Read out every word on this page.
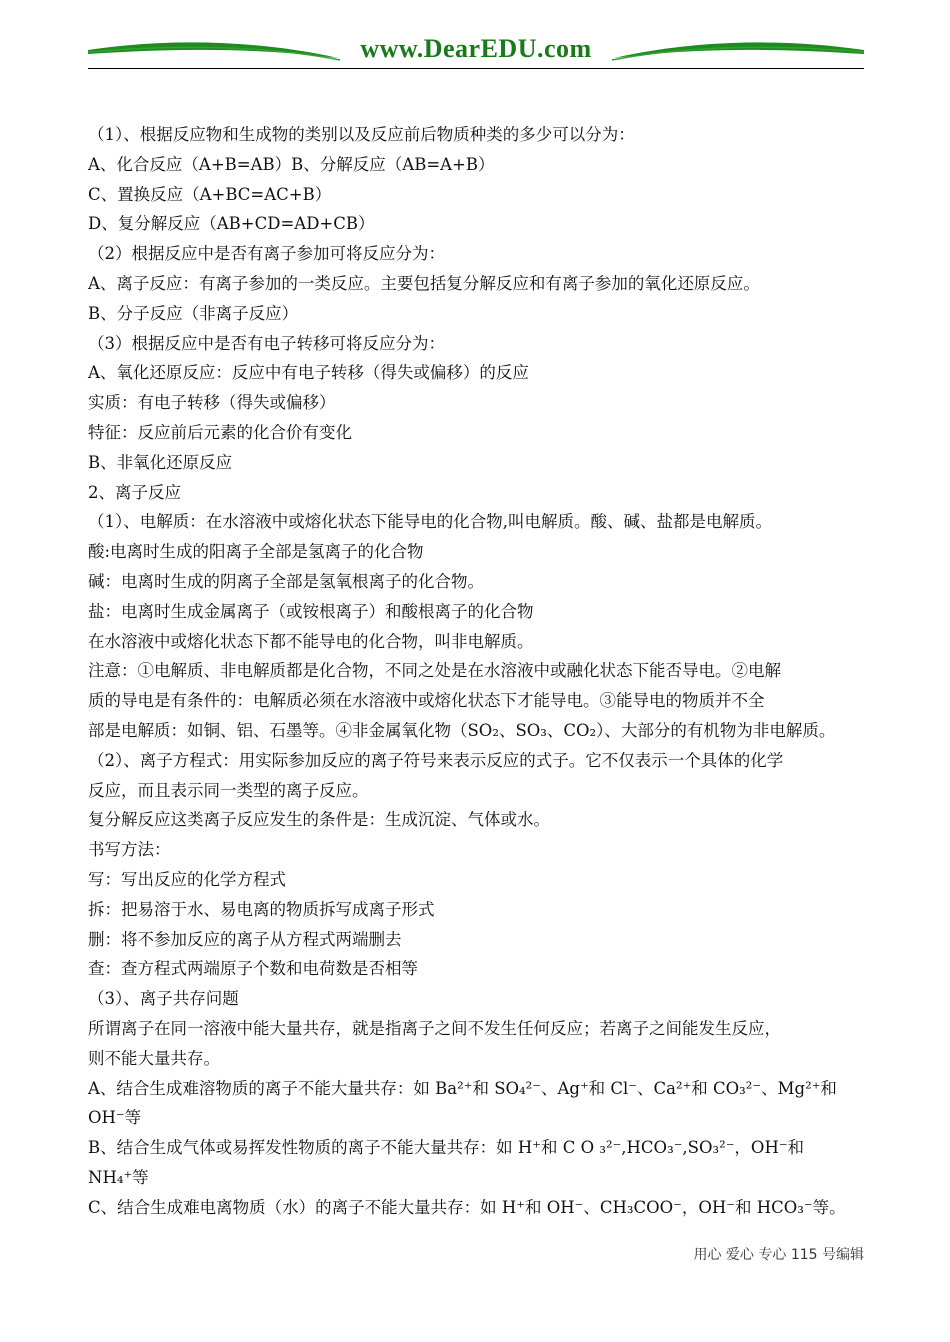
www.DearEDU.com
（1）、根据反应物和生成物的类别以及反应前后物质种类的多少可以分为：
A、化合反应（A+B=AB）B、分解反应（AB=A+B）
C、置换反应（A+BC=AC+B）
D、复分解反应（AB+CD=AD+CB）
（2）根据反应中是否有离子参加可将反应分为：
A、离子反应：有离子参加的一类反应。主要包括复分解反应和有离子参加的氧化还原反应。
B、分子反应（非离子反应）
（3）根据反应中是否有电子转移可将反应分为：
A、氧化还原反应：反应中有电子转移（得失或偏移）的反应
实质：有电子转移（得失或偏移）
特征：反应前后元素的化合价有变化
B、非氧化还原反应
2、离子反应
（1）、电解质：在水溶液中或熔化状态下能导电的化合物,叫电解质。酸、碱、盐都是电解质。
酸:电离时生成的阳离子全部是氢离子的化合物
碱：电离时生成的阴离子全部是氢氧根离子的化合物。
盐：电离时生成金属离子（或铵根离子）和酸根离子的化合物
在水溶液中或熔化状态下都不能导电的化合物，叫非电解质。
注意：①电解质、非电解质都是化合物，不同之处是在水溶液中或融化状态下能否导电。②电解
质的导电是有条件的：电解质必须在水溶液中或熔化状态下才能导电。③能导电的物质并不全
部是电解质：如铜、铝、石墨等。④非金属氧化物（SO₂、SO₃、CO₂）、大部分的有机物为非电解质。
（2）、离子方程式：用实际参加反应的离子符号来表示反应的式子。它不仅表示一个具体的化学
反应，而且表示同一类型的离子反应。
复分解反应这类离子反应发生的条件是：生成沉淀、气体或水。
书写方法：
写：写出反应的化学方程式
拆：把易溶于水、易电离的物质拆写成离子形式
删：将不参加反应的离子从方程式两端删去
查：查方程式两端原子个数和电荷数是否相等
（3）、离子共存问题
所谓离子在同一溶液中能大量共存，就是指离子之间不发生任何反应；若离子之间能发生反应，
则不能大量共存。
A、结合生成难溶物质的离子不能大量共存：如 Ba²⁺和 SO₄²⁻、Ag⁺和 Cl⁻、Ca²⁺和 CO₃²⁻、Mg²⁺和
OH⁻等
B、结合生成气体或易挥发性物质的离子不能大量共存：如 H⁺和 C O ₃²⁻,HCO₃⁻,SO₃²⁻，OH⁻和
NH₄⁺等
C、结合生成难电离物质（水）的离子不能大量共存：如 H⁺和 OH⁻、CH₃COO⁻，OH⁻和 HCO₃⁻等。
用心 爱心 专心 115 号编辑
